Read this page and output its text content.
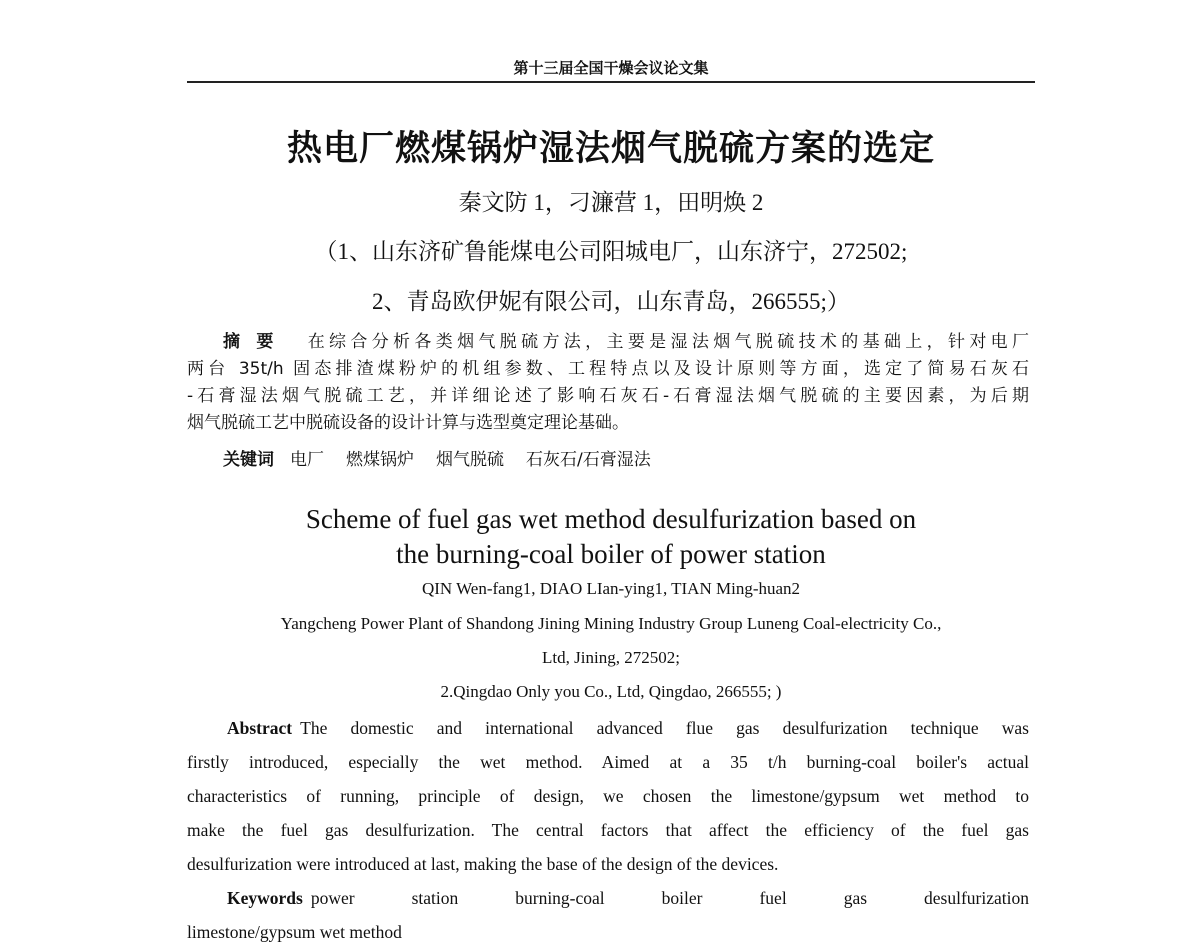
第十三届全国干燥会议论文集
热电厂燃煤锅炉湿法烟气脱硫方案的选定
秦文防 1，刁濂营 1，田明焕 2
（1、山东济矿鲁能煤电公司阳城电厂，山东济宁，272502;
2、青岛欧伊妮有限公司，山东青岛，266555;）
摘要 在综合分析各类烟气脱硫方法，主要是湿法烟气脱硫技术的基础上，针对电厂
两台 35t/h 固态排渣煤粉炉的机组参数、工程特点以及设计原则等方面，选定了简易石灰石
-石膏湿法烟气脱硫工艺，并详细论述了影响石灰石-石膏湿法烟气脱硫的主要因素，为后期
烟气脱硫工艺中脱硫设备的设计计算与选型奠定理论基础。
关键词 电厂 燃煤锅炉 烟气脱硫 石灰石/石膏湿法
Scheme of fuel gas wet method desulfurization based on
the burning-coal boiler of power station
QIN Wen-fang1, DIAO LIan-ying1, TIAN Ming-huan2
Yangcheng Power Plant of Shandong Jining Mining Industry Group Luneng Coal-electricity Co.,
Ltd, Jining, 272502;
2.Qingdao Only you Co., Ltd, Qingdao, 266555; )
Abstract The domestic and international advanced flue gas desulfurization technique was
firstly introduced, especially the wet method. Aimed at a 35 t/h burning-coal boiler's actual
characteristics of running, principle of design, we chosen the limestone/gypsum wet method to
make the fuel gas desulfurization. The central factors that affect the efficiency of the fuel gas
desulfurization were introduced at last, making the base of the design of the devices.
Keywords power station burning-coal boiler fuel gas desulfurization
limestone/gypsum wet method
